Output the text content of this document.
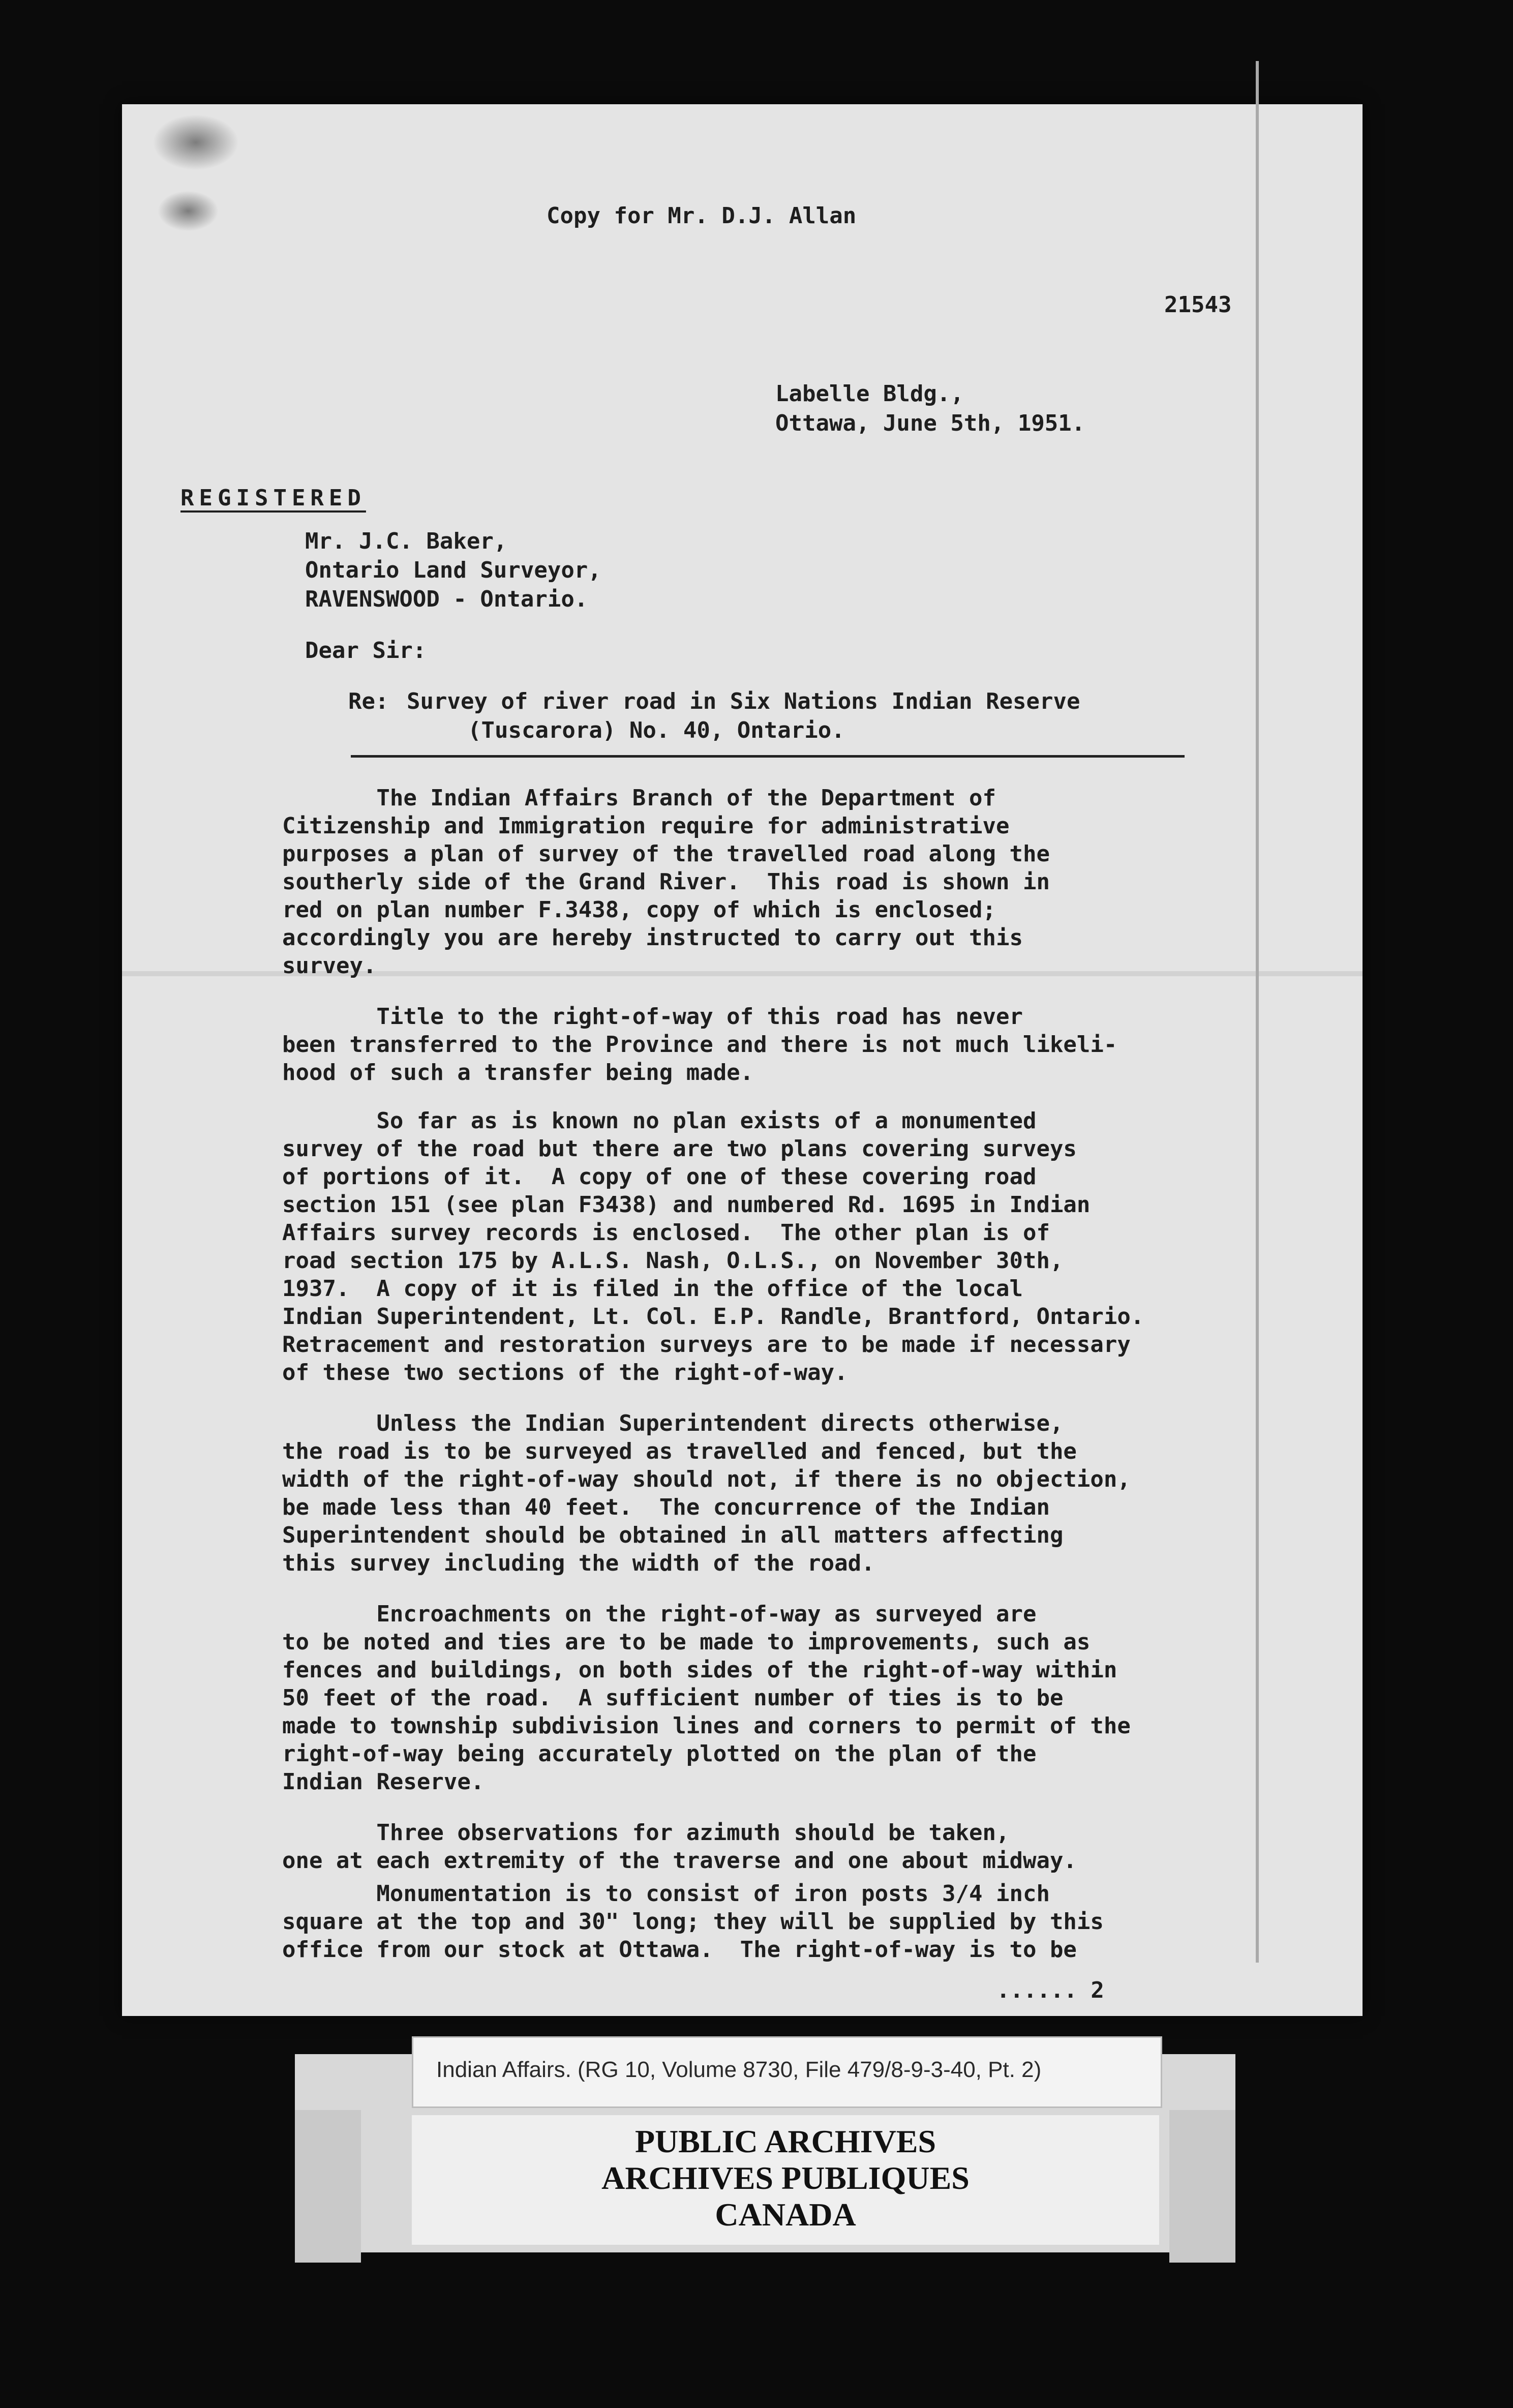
Copy for Mr. D.J. Allan

21543

Labelle Bldg.,

Ottawa, June 5th, 1951.

REGISTERED

Mr. J.C. Baker,

Ontario Land Surveyor,

RAVENSWOOD - Ontario.

Dear Sir:

Re: Survey of river road in Six Nations Indian Reserve

(Tuscarora) No. 40, Ontario.

The Indian Affairs Branch of the Department of

Citizenship and Immigration require for administrative

purposes a plan of survey of the travelled road along the

southerly side of the Grand River.  This road is shown in

red on plan number F.3438, copy of which is enclosed;

accordingly you are hereby instructed to carry out this

survey.

Title to the right-of-way of this road has never

been transferred to the Province and there is not much likeli-

hood of such a transfer being made.

So far as is known no plan exists of a monumented

survey of the road but there are two plans covering surveys

of portions of it.  A copy of one of these covering road

section 151 (see plan F3438) and numbered Rd. 1695 in Indian

Affairs survey records is enclosed.  The other plan is of

road section 175 by A.L.S. Nash, O.L.S., on November 30th,

1937.  A copy of it is filed in the office of the local

Indian Superintendent, Lt. Col. E.P. Randle, Brantford, Ontario.

Retracement and restoration surveys are to be made if necessary

of these two sections of the right-of-way.

Unless the Indian Superintendent directs otherwise,

the road is to be surveyed as travelled and fenced, but the

width of the right-of-way should not, if there is no objection,

be made less than 40 feet.  The concurrence of the Indian

Superintendent should be obtained in all matters affecting

this survey including the width of the road.

Encroachments on the right-of-way as surveyed are

to be noted and ties are to be made to improvements, such as

fences and buildings, on both sides of the right-of-way within

50 feet of the road.  A sufficient number of ties is to be

made to township subdivision lines and corners to permit of the

right-of-way being accurately plotted on the plan of the

Indian Reserve.

Three observations for azimuth should be taken,

one at each extremity of the traverse and one about midway.

Monumentation is to consist of iron posts 3/4 inch

square at the top and 30" long; they will be supplied by this

office from our stock at Ottawa.  The right-of-way is to be

...... 2

Indian Affairs. (RG 10, Volume 8730, File 479/8-9-3-40, Pt. 2)
PUBLIC ARCHIVES
ARCHIVES PUBLIQUES
CANADA
